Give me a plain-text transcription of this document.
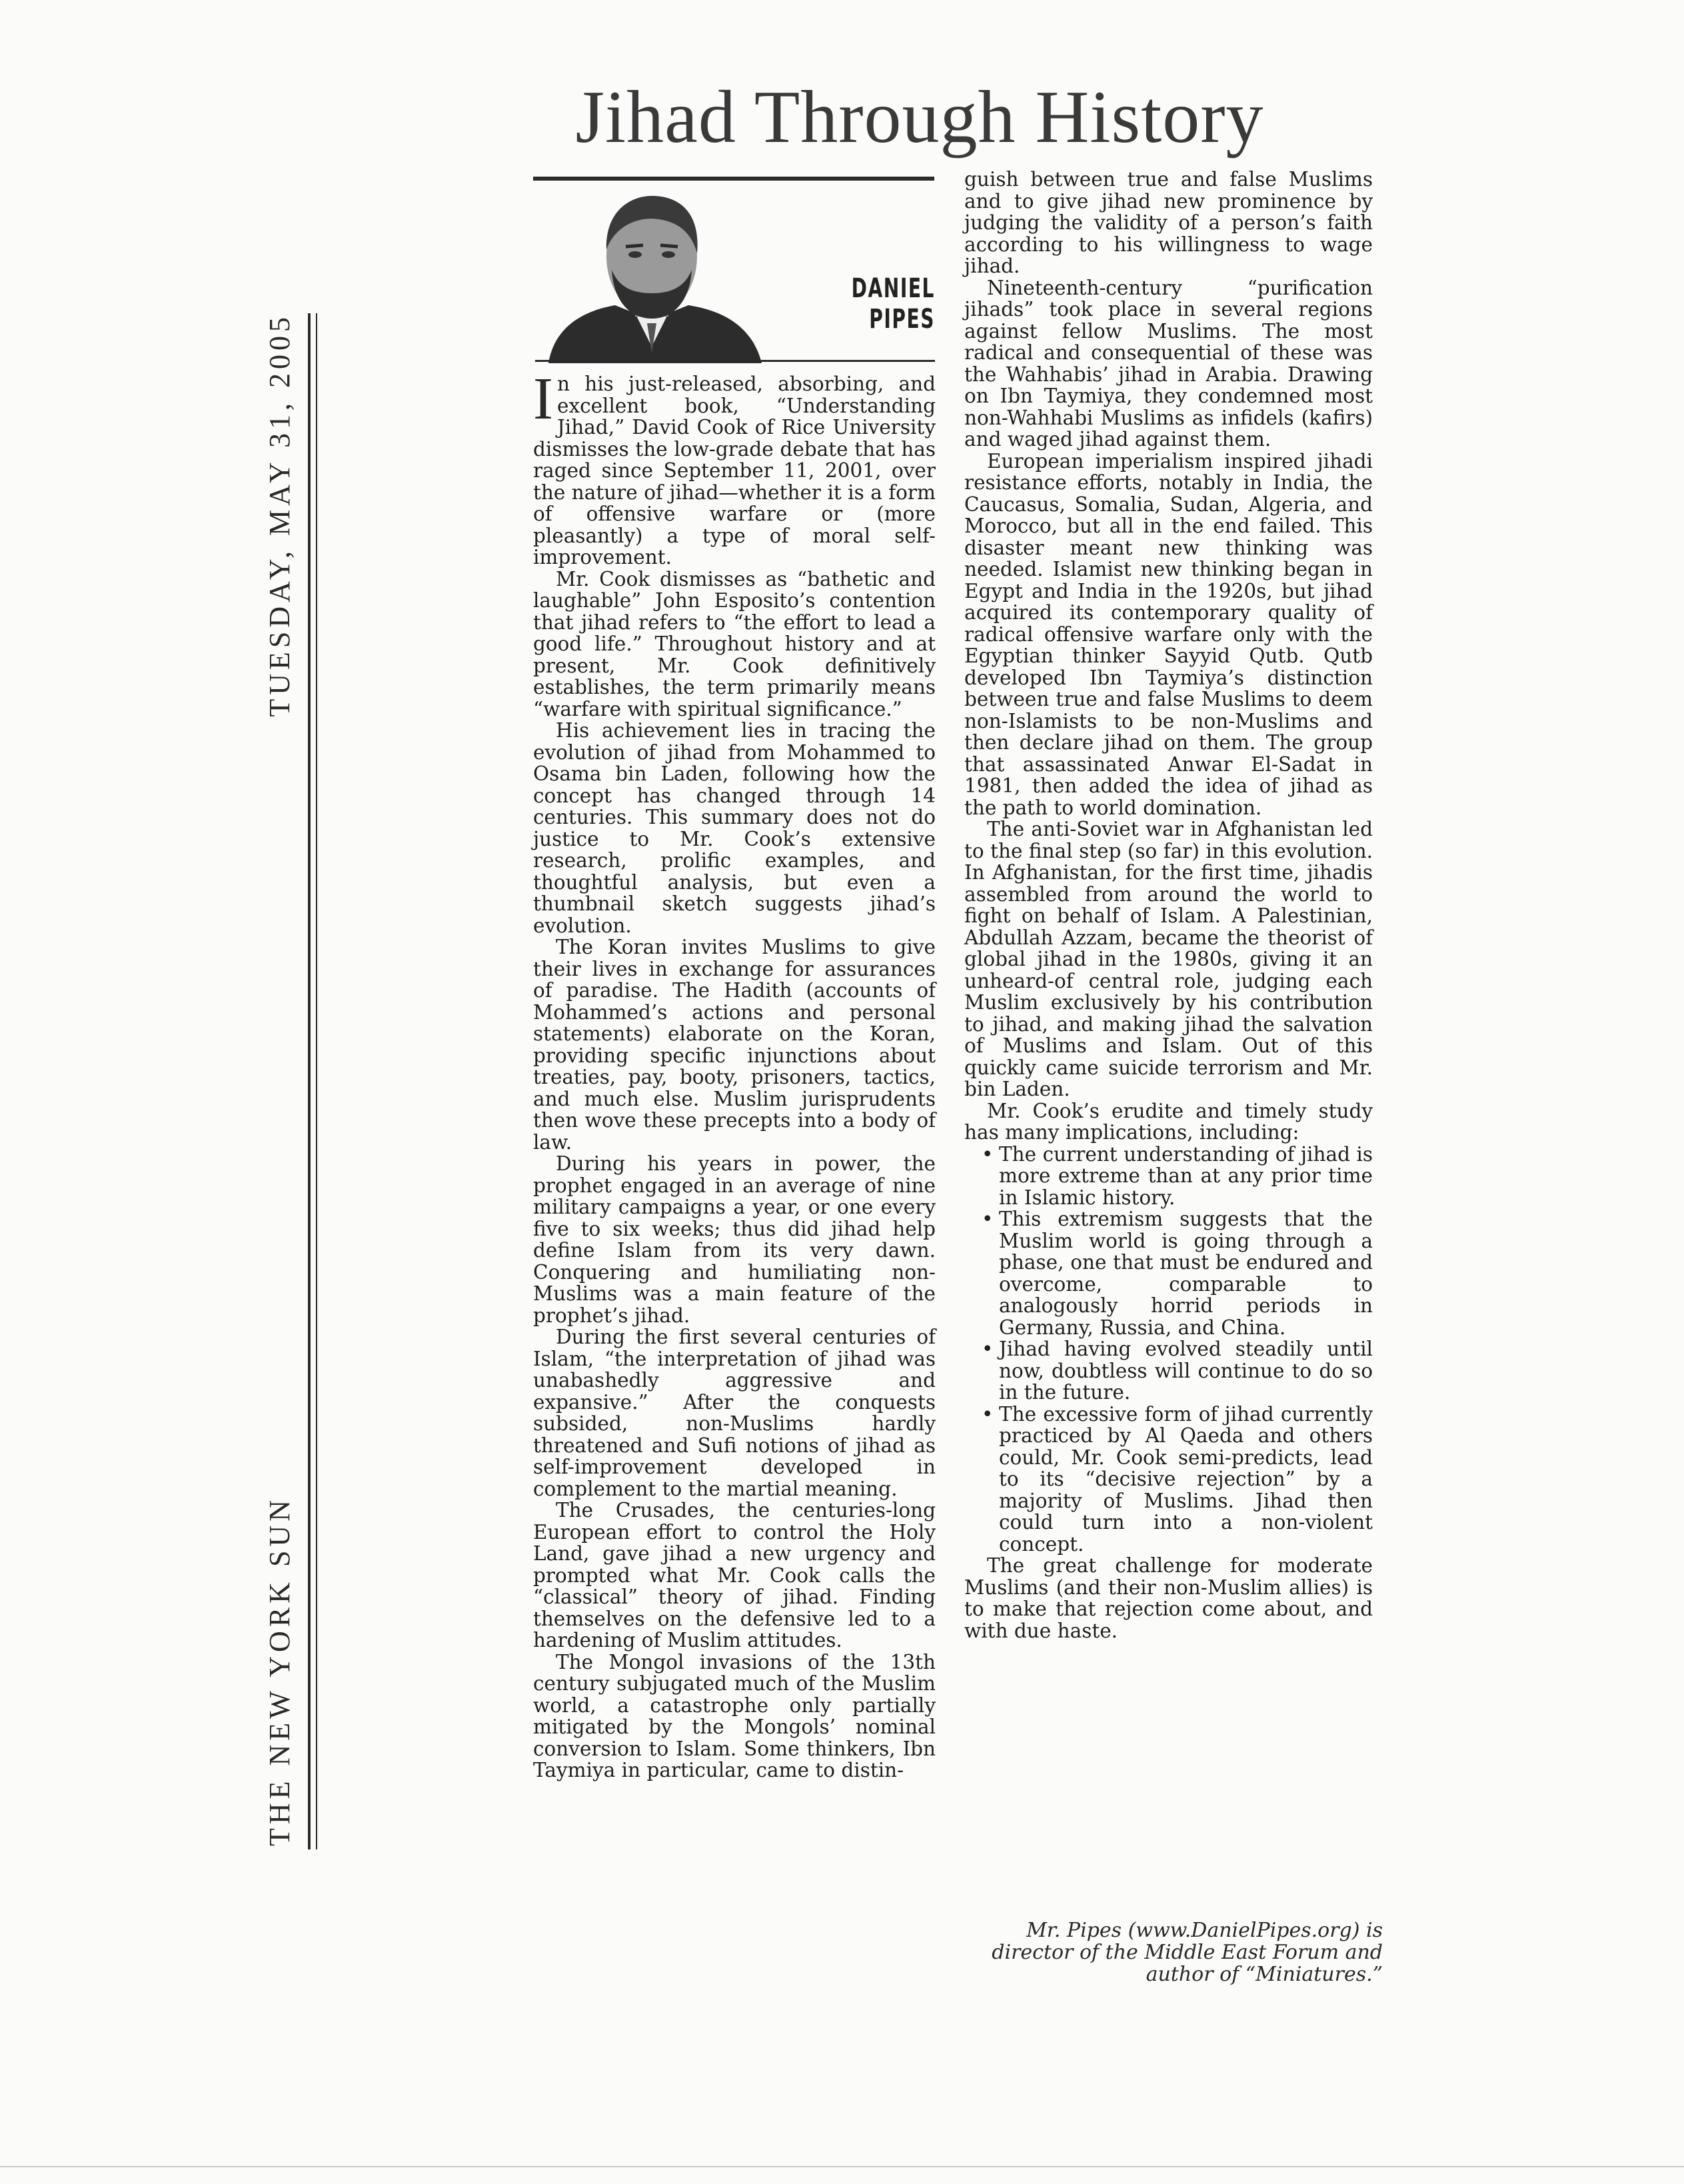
Jihad Through History
THE NEW YORK SUN
TUESDAY, MAY 31, 2005
DANIEL
PIPES

In his just-released, absorbing, and excellent book, “Understanding Jihad,” David Cook of Rice University dismisses the low-grade debate that has raged since September 11, 2001, over the nature of jihad—whether it is a form of offensive warfare or (more pleasantly) a type of moral self-improvement.

Mr. Cook dismisses as “bathetic and laughable” John Esposito’s contention that jihad refers to “the effort to lead a good life.” Throughout history and at present, Mr. Cook definitively establishes, the term primarily means “warfare with spiritual significance.”

His achievement lies in tracing the evolution of jihad from Mohammed to Osama bin Laden, following how the concept has changed through 14 centuries. This summary does not do justice to Mr. Cook’s extensive research, prolific examples, and thoughtful analysis, but even a thumbnail sketch suggests jihad’s evolution.

The Koran invites Muslims to give their lives in exchange for assurances of paradise. The Hadith (accounts of Mohammed’s actions and personal statements) elaborate on the Koran, providing specific injunctions about treaties, pay, booty, prisoners, tactics, and much else. Muslim jurisprudents then wove these precepts into a body of law.

During his years in power, the prophet engaged in an average of nine military campaigns a year, or one every five to six weeks; thus did jihad help define Islam from its very dawn. Conquering and humiliating non-Muslims was a main feature of the prophet’s jihad.

During the first several centuries of Islam, “the interpretation of jihad was unabashedly aggressive and expansive.” After the conquests subsided, non-Muslims hardly threatened and Sufi notions of jihad as self-improvement developed in complement to the martial meaning.

The Crusades, the centuries-long European effort to control the Holy Land, gave jihad a new urgency and prompted what Mr. Cook calls the “classical” theory of jihad. Finding themselves on the defensive led to a hardening of Muslim attitudes.

The Mongol invasions of the 13th century subjugated much of the Muslim world, a catastrophe only partially mitigated by the Mongols’ nominal conversion to Islam. Some thinkers, Ibn Taymiya in particular, came to distin-

guish between true and false Muslims and to give jihad new prominence by judging the validity of a person’s faith according to his willingness to wage jihad.

Nineteenth-century “purification jihads” took place in several regions against fellow Muslims. The most radical and consequential of these was the Wahhabis’ jihad in Arabia. Drawing on Ibn Taymiya, they condemned most non-Wahhabi Muslims as infidels (kafirs) and waged jihad against them.

European imperialism inspired jihadi resistance efforts, notably in India, the Caucasus, Somalia, Sudan, Algeria, and Morocco, but all in the end failed. This disaster meant new thinking was needed. Islamist new thinking began in Egypt and India in the 1920s, but jihad acquired its contemporary quality of radical offensive warfare only with the Egyptian thinker Sayyid Qutb. Qutb developed Ibn Taymiya’s distinction between true and false Muslims to deem non-Islamists to be non-Muslims and then declare jihad on them. The group that assassinated Anwar El-Sadat in 1981, then added the idea of jihad as the path to world domination.

The anti-Soviet war in Afghanistan led to the final step (so far) in this evolution. In Afghanistan, for the first time, jihadis assembled from around the world to fight on behalf of Islam. A Palestinian, Abdullah Azzam, became the theorist of global jihad in the 1980s, giving it an unheard-of central role, judging each Muslim exclusively by his contribution to jihad, and making jihad the salvation of Muslims and Islam. Out of this quickly came suicide terrorism and Mr. bin Laden.

Mr. Cook’s erudite and timely study has many implications, including:

• The current understanding of jihad is more extreme than at any prior time in Islamic history.
• This extremism suggests that the Muslim world is going through a phase, one that must be endured and overcome, comparable to analogously horrid periods in Germany, Russia, and China.
• Jihad having evolved steadily until now, doubtless will continue to do so in the future.
• The excessive form of jihad currently practiced by Al Qaeda and others could, Mr. Cook semi-predicts, lead to its “decisive rejection” by a majority of Muslims. Jihad then could turn into a non-violent concept.

The great challenge for moderate Muslims (and their non-Muslim allies) is to make that rejection come about, and with due haste.

Mr. Pipes (www.DanielPipes.org) is director of the Middle East Forum and author of “Miniatures.”
